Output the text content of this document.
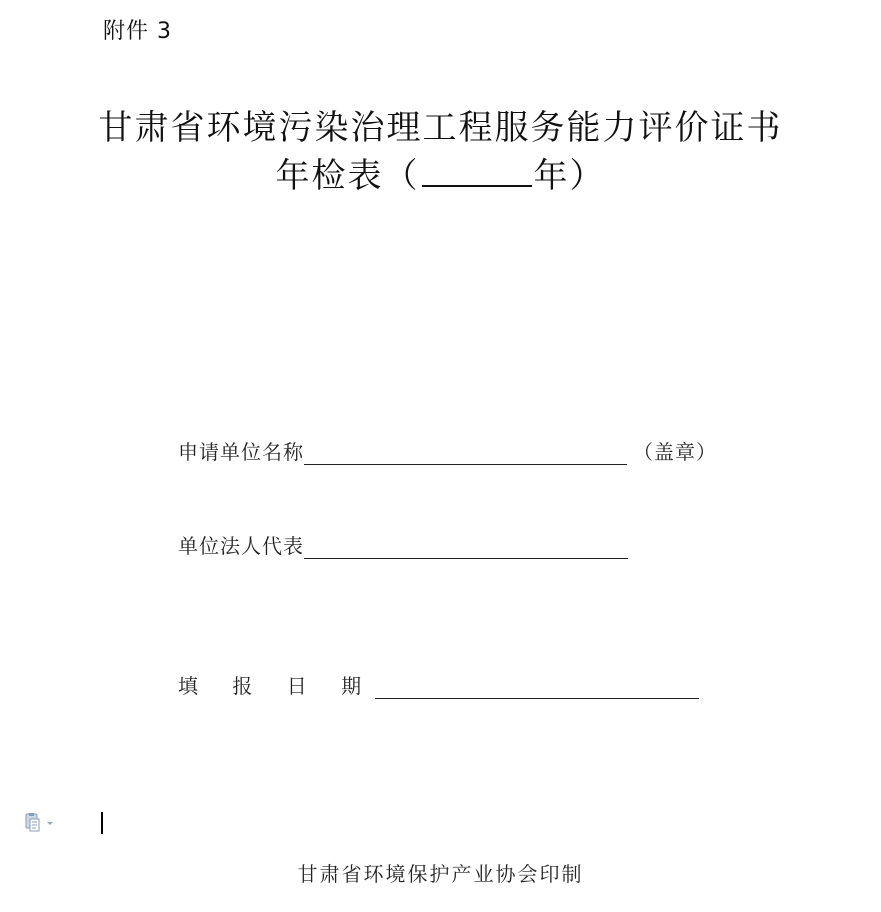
附件 3
甘肃省环境污染治理工程服务能力评价证书
年检表（	年）
申请单位名称	（盖章）
单位法人代表
填 报 日 期
甘肃省环境保护产业协会印制
